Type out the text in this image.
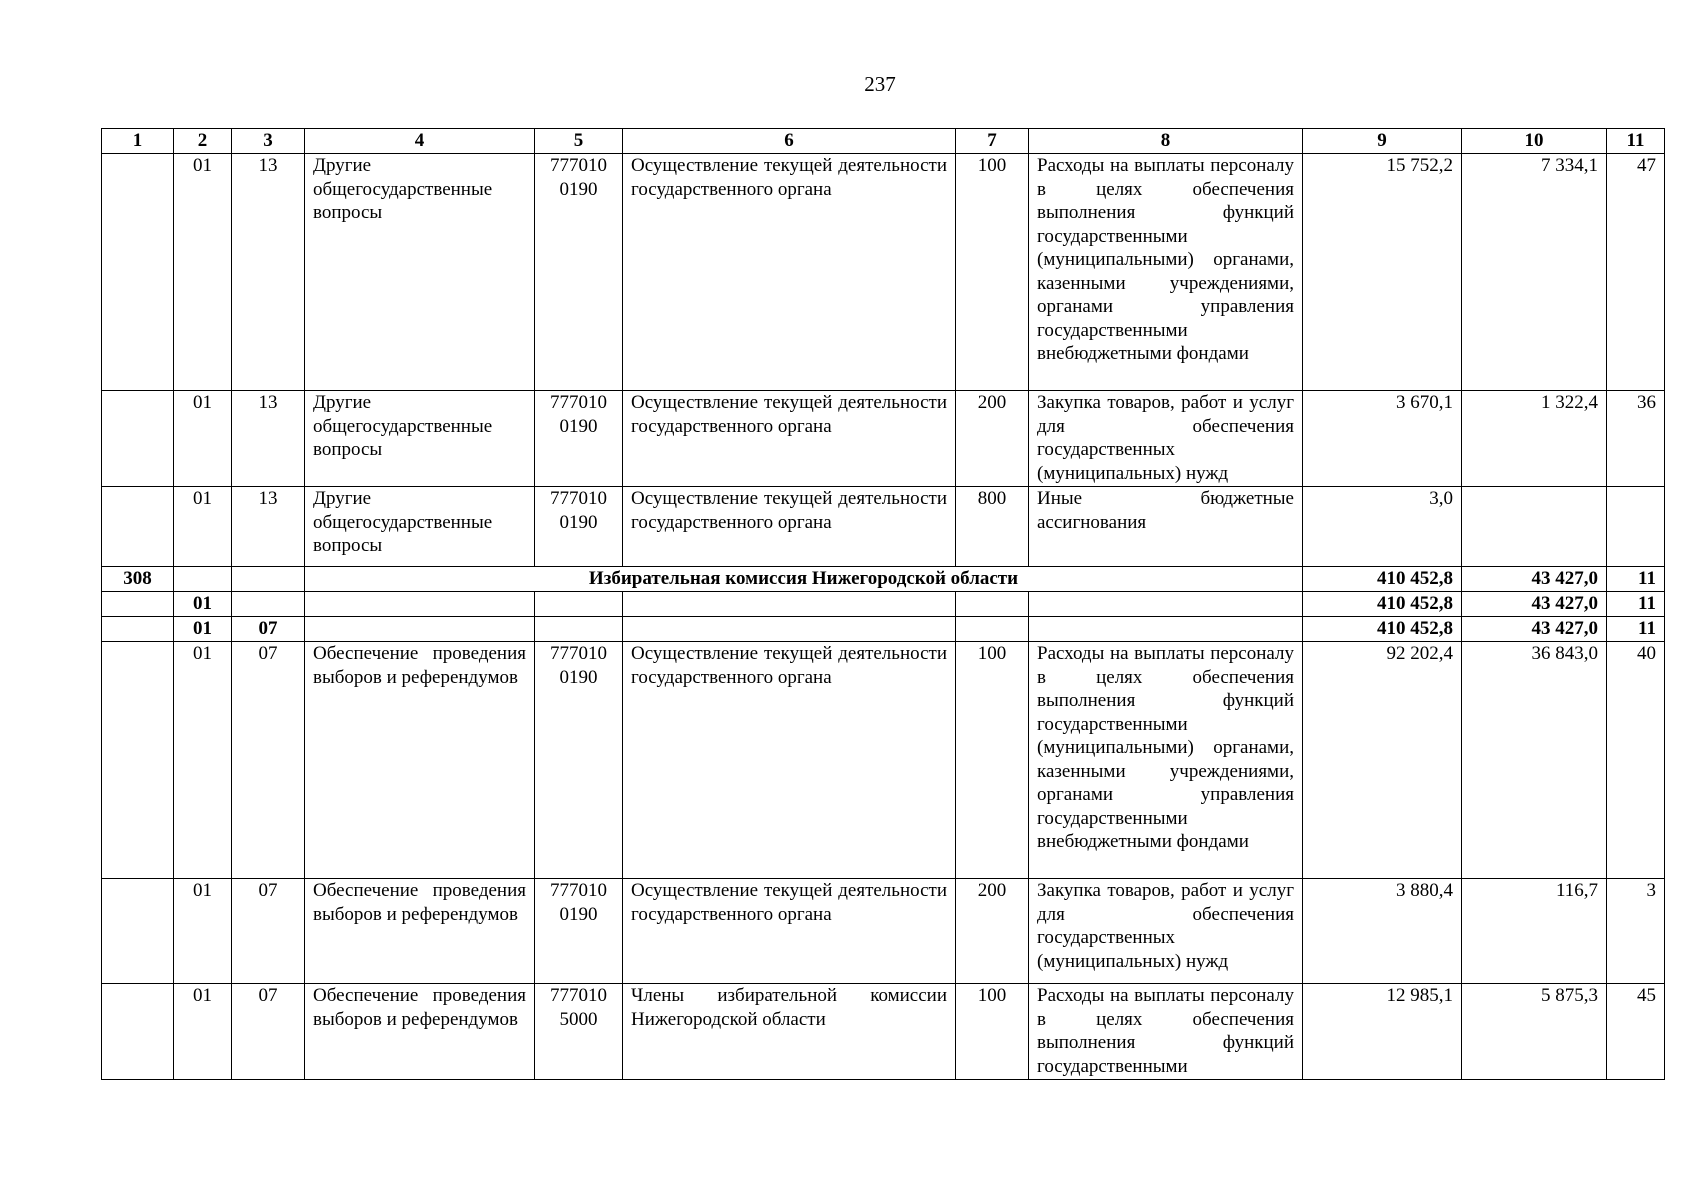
237
1	2	3	4	5	6	7	8	9	10	11
	01	13	Другие общегосударственные вопросы	777010 0190	Осуществление текущей деятельности государственного органа	100	Расходы на выплаты персоналу в целях обеспечения выполнения функций государственными (муниципальными) органами, казенными учреждениями, органами управления государственными внебюджетными фондами	15 752,2	7 334,1	47
	01	13	Другие общегосударственные вопросы	777010 0190	Осуществление текущей деятельности государственного органа	200	Закупка товаров, работ и услуг для обеспечения государственных (муниципальных) нужд	3 670,1	1 322,4	36
	01	13	Другие общегосударственные вопросы	777010 0190	Осуществление текущей деятельности государственного органа	800	Иные бюджетные ассигнования	3,0		
308			Избирательная комиссия Нижегородской области					410 452,8	43 427,0	11
	01							410 452,8	43 427,0	11
	01	07						410 452,8	43 427,0	11
	01	07	Обеспечение проведения выборов и референдумов	777010 0190	Осуществление текущей деятельности государственного органа	100	Расходы на выплаты персоналу в целях обеспечения выполнения функций государственными (муниципальными) органами, казенными учреждениями, органами управления государственными внебюджетными фондами	92 202,4	36 843,0	40
	01	07	Обеспечение проведения выборов и референдумов	777010 0190	Осуществление текущей деятельности государственного органа	200	Закупка товаров, работ и услуг для обеспечения государственных (муниципальных) нужд	3 880,4	116,7	3
	01	07	Обеспечение проведения выборов и референдумов	777010 5000	Члены избирательной комиссии Нижегородской области	100	Расходы на выплаты персоналу в целях обеспечения выполнения функций государственными	12 985,1	5 875,3	45
